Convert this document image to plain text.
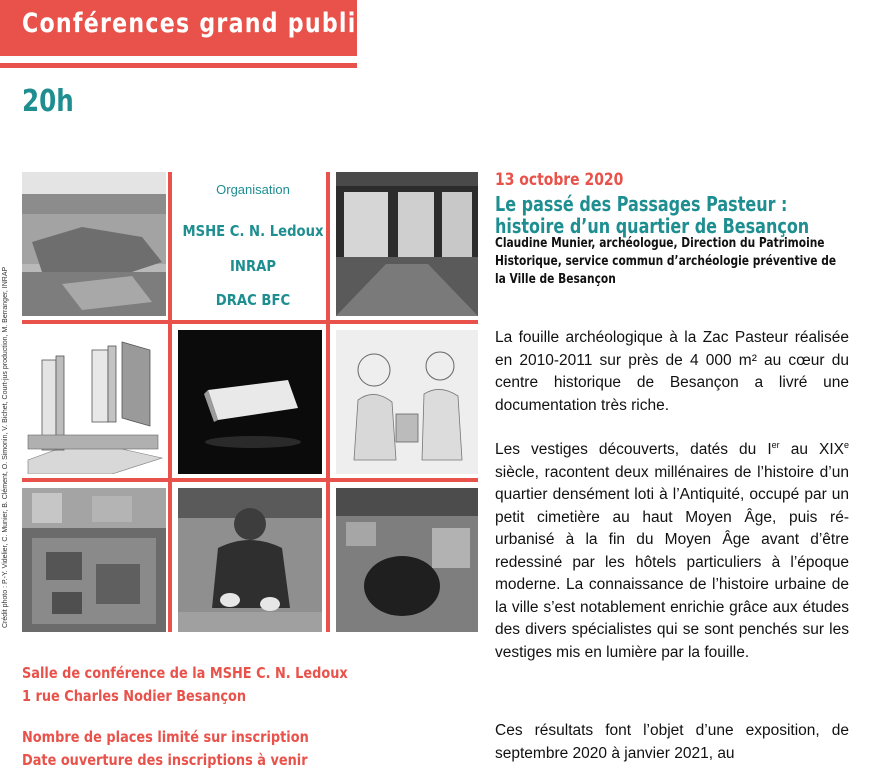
Conférences grand public
20h
Organisation
MSHE C. N. Ledoux
INRAP
DRAC BFC
Crédit photo : P.-Y. Videlier, C. Munier, B. Clément, O. Simonin, V. Bichet, Court-jus production, M. Berranger, INRAP
Salle de conférence de la MSHE C. N. Ledoux
1 rue Charles Nodier Besançon
Nombre de places limité sur inscription
Date ouverture des inscriptions à venir
13 octobre 2020
Le passé des Passages Pasteur : histoire d’un quartier de Besançon
Claudine Munier, archéologue, Direction du Patrimoine Historique, service commun d’archéologie préventive de la Ville de Besançon
La fouille archéologique à la Zac Pasteur réalisée en 2010-2011 sur près de 4 000 m² au cœur du centre historique de Besançon a livré une documentation très riche.
Les vestiges découverts, datés du Ier au XIXe siècle, racontent deux millénaires de l’histoire d’un quartier densément loti à l’Antiquité, occupé par un petit cimetière au haut Moyen Âge, puis ré-urbanisé à la fin du Moyen Âge avant d’être redessiné par les hôtels particuliers à l’époque moderne. La connaissance de l’histoire urbaine de la ville s’est notablement enrichie grâce aux études des divers spécialistes qui se sont penchés sur les vestiges mis en lumière par la fouille.
Ces résultats font l’objet d’une exposition, de septembre 2020 à janvier 2021, au
